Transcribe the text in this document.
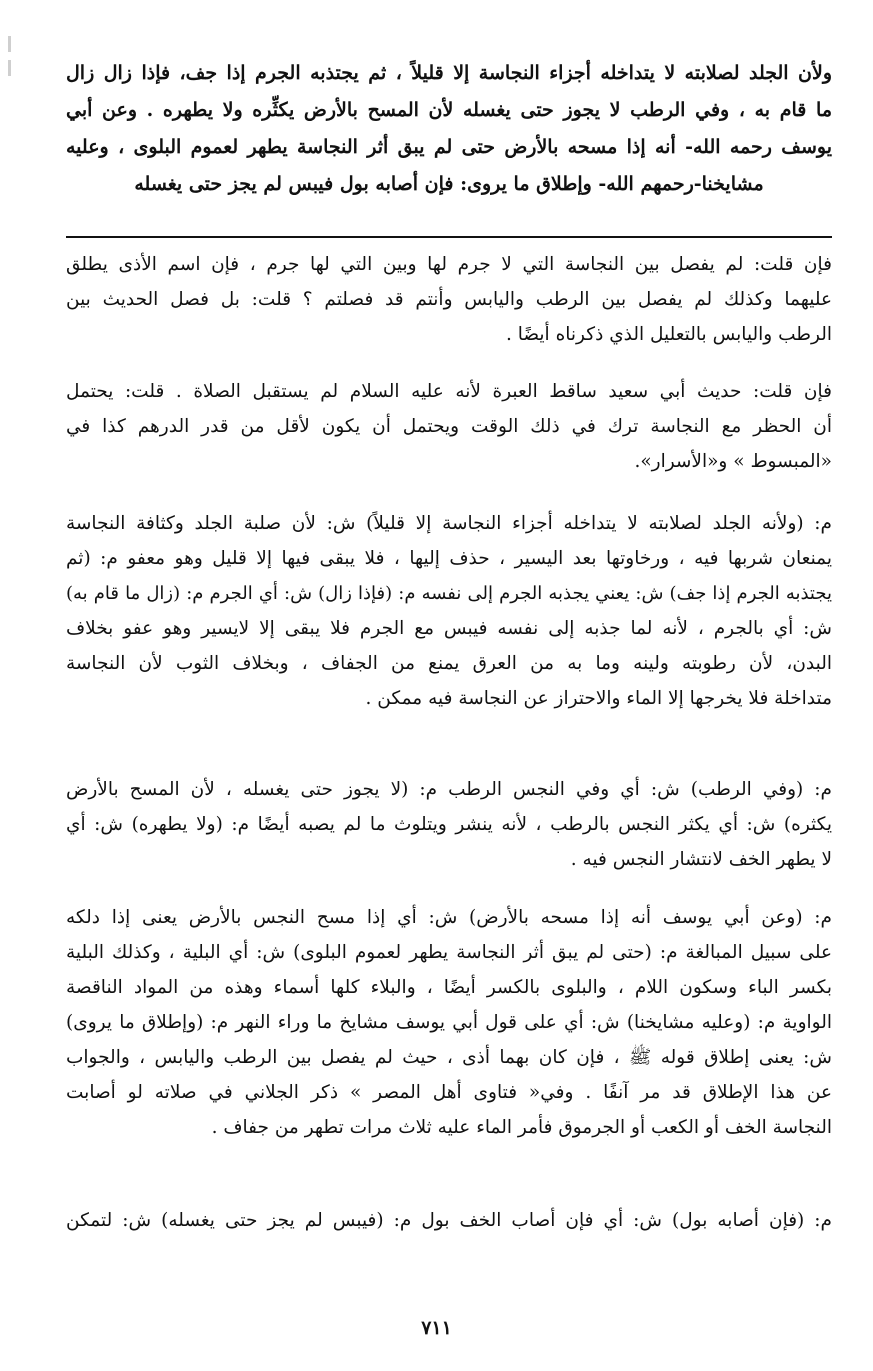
ولأن الجلد لصلابته لا يتداخله أجزاء النجاسة إلا قليلاً ، ثم يجتذبه الجرم إذا جف، فإذا زال زال
ما قام به ، وفي الرطب لا يجوز حتى يغسله لأن المسح بالأرض يكثِّره ولا يطهره . وعن أبي
يوسف رحمه الله- أنه إذا مسحه بالأرض حتى لم يبق أثر النجاسة يطهر لعموم البلوى ، وعليه
مشايخنا-رحمهم الله- وإطلاق ما يروى: فإن أصابه بول فيبس لم يجز حتى يغسله
فإن قلت: لم يفصل بين النجاسة التي لا جرم لها وبين التي لها جرم ، فإن اسم الأذى يطلق
عليهما وكذلك لم يفصل بين الرطب واليابس وأنتم قد فصلتم ؟ قلت: بل فصل الحديث بين
الرطب واليابس بالتعليل الذي ذكرناه أيضًا .
فإن قلت: حديث أبي سعيد ساقط العبرة لأنه عليه السلام لم يستقبل الصلاة . قلت: يحتمل
أن الحظر مع النجاسة ترك في ذلك الوقت ويحتمل أن يكون لأقل من قدر الدرهم كذا في
«المبسوط » و«الأسرار».
م: (ولأنه الجلد لصلابته لا يتداخله أجزاء النجاسة إلا قليلاً) ش: لأن صلبة الجلد وكثافة النجاسة
يمنعان شربها فيه ، ورخاوتها بعد اليسير ، حذف إليها ، فلا يبقى فيها إلا قليل وهو معفو م: (ثم
يجتذبه الجرم إذا جف) ش: يعني يجذبه الجرم إلى نفسه م: (فإذا زال) ش: أي الجرم م: (زال ما قام به)
ش: أي بالجرم ، لأنه لما جذبه إلى نفسه فيبس مع الجرم فلا يبقى إلا لايسير وهو عفو بخلاف
البدن، لأن رطوبته ولينه وما به من العرق يمنع من الجفاف ، وبخلاف الثوب لأن النجاسة
متداخلة فلا يخرجها إلا الماء والاحتراز عن النجاسة فيه ممكن .
م: (وفي الرطب) ش: أي وفي النجس الرطب م: (لا يجوز حتى يغسله ، لأن المسح بالأرض
يكثره) ش: أي يكثر النجس بالرطب ، لأنه ينشر ويتلوث ما لم يصبه أيضًا م: (ولا يطهره) ش: أي
لا يطهر الخف لانتشار النجس فيه .
م: (وعن أبي يوسف أنه إذا مسحه بالأرض) ش: أي إذا مسح النجس بالأرض يعنى إذا دلكه
على سبيل المبالغة م: (حتى لم يبق أثر النجاسة يطهر لعموم البلوى) ش: أي البلية ، وكذلك البلية
بكسر الباء وسكون اللام ، والبلوى بالكسر أيضًا ، والبلاء كلها أسماء وهذه من المواد الناقصة
الواوية م: (وعليه مشايخنا) ش: أي على قول أبي يوسف مشايخ ما وراء النهر م: (وإطلاق ما يروى)
ش: يعنى إطلاق قوله ﷺ ، فإن كان بهما أذى ، حيث لم يفصل بين الرطب واليابس ، والجواب
عن هذا الإطلاق قد مر آنفًا . وفي« فتاوى أهل المصر » ذكر الجلاني في صلاته لو أصابت
النجاسة الخف أو الكعب أو الجرموق فأمر الماء عليه ثلاث مرات تطهر من جفاف .
م: (فإن أصابه بول) ش: أي فإن أصاب الخف بول م: (فيبس لم يجز حتى يغسله) ش: لتمكن
٧١١
